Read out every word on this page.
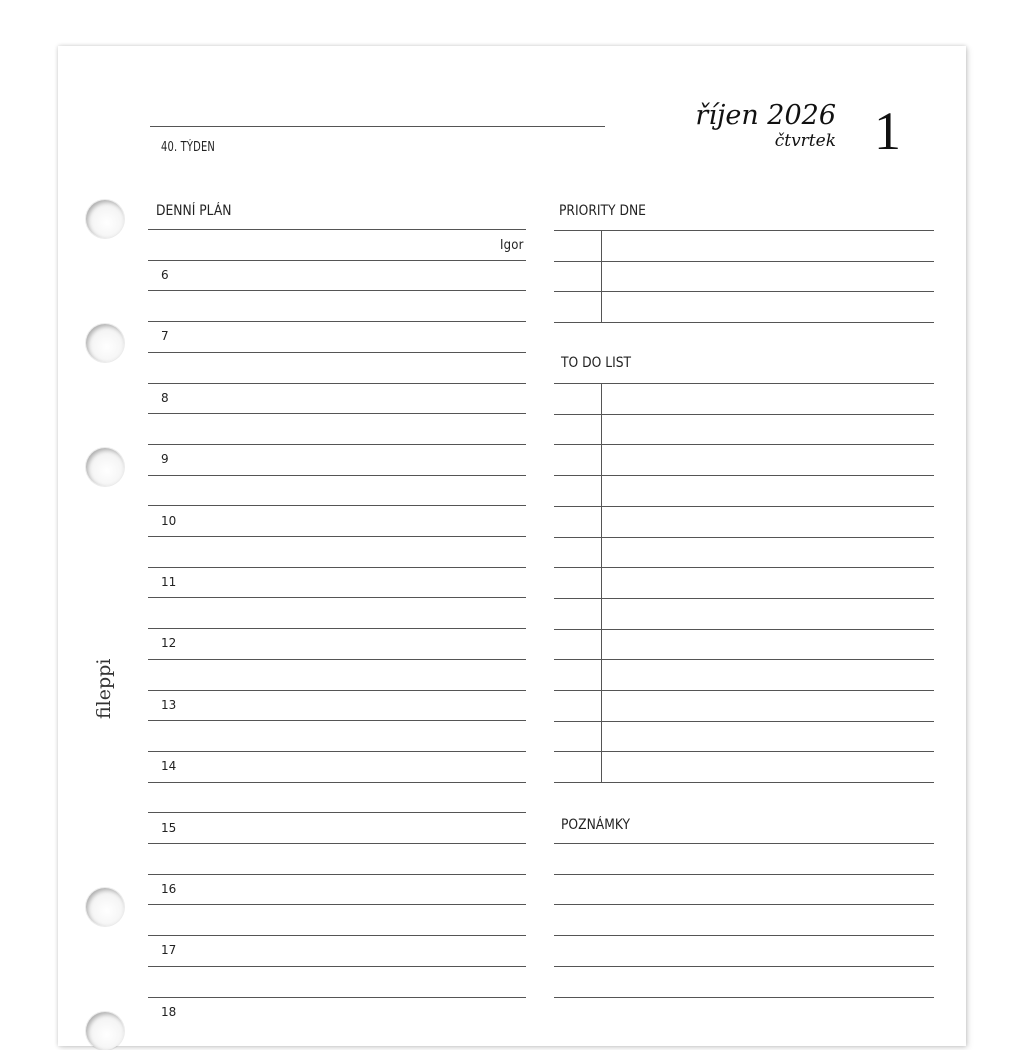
fileppi
40. TÝDEN
říjen 2026
čtvrtek 1
DENNÍ PLÁN
Igor
6
7
8
9
10
11
12
13
14
15
16
17
18
PRIORITY DNE
TO DO LIST
POZNÁMKY
